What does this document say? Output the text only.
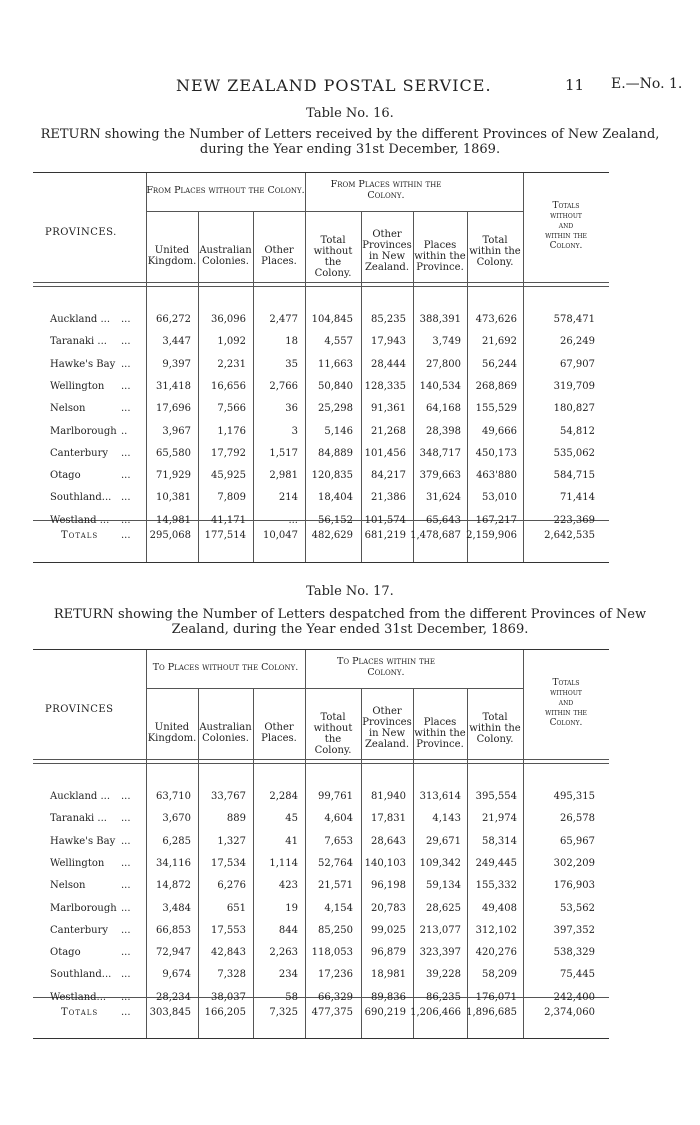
NEW ZEALAND POSTAL SERVICE.	11 E.—No. 1.
Table No. 16.
RETURN showing the Number of Letters received by the different Provinces of New Zealand,
during the Year ending 31st December, 1869.
PROVINCES.
From Places without the Colony.
From Places within the
Colony.
United
Kingdom.
Australian
Colonies.
Other
Places.
Total
without the
Colony.
Other
Provinces
in New
Zealand.
Places
within the
Province.
Total
within the
Colony.
Totals
without
and
within the
Colony.
Auckland ... ...	66,272 36,096 2,477 104,845 85,235 388,391 473,626	578,471
Taranaki ... ...	3,447	1,092	18	4,557 17,943	3,749 21,692	26,249
Hawke's Bay ...	9,397	2,231	35 11,663 28,444 27,800 56,244	67,907
Wellington ...	31,418 16,656 2,766 50,840 128,335 140,534 268,869	319,709
Nelson	...	17,696	7,566	36 25,298 91,361 64,168 155,529	180,827
Marlborough ..	3,967	1,176	3	5,146 21,268 28,398 49,666	54,812
Canterbury ...	65,580 17,792 1,517 84,889 101,456 348,717 450,173	535,062
Otago	...	71,929 45,925 2,981 120,835 84,217 379,663 463'880	584,715
Southland... ...	10,381	7,809	214 18,404 21,386 31,624 53,010	71,414
Westland ... ...	14,981 41,171	... 56,152 101,574 65,643 167,217	223,369
Totals ... 295,068 177,514 10,047 482,629 681,219 1,478,687 2,159,906	2,642,535
Table No. 17.
RETURN showing the Number of Letters despatched from the different Provinces of New
Zealand, during the Year ended 31st December, 1869.
PROVINCES
To Places without the Colony.
To Places within the
Colony.
United
Kingdom.
Australian
Colonies.
Other
Places.
Total
without the
Colony.
Other
Provinces
in New
Zealand.
Places
within the
Province.
Total
within the
Colony.
Totals
without
and
within the
Colony.
Auckland ... ...	63,710 33,767 2,284 99,761 81,940 313,614 395,554	495,315
Taranaki ... ...	3,670	889	45	4,604 17,831	4,143 21,974	26,578
Hawke's Bay ...	6,285	1,327	41	7,653 28,643 29,671 58,314	65,967
Wellington ...	34,116 17,534 1,114 52,764 140,103 109,342 249,445	302,209
Nelson	...	14,872	6,276	423 21,571 96,198 59,134 155,332	176,903
Marlborough ...	3,484	651	19	4,154 20,783 28,625 49,408	53,562
Canterbury ...	66,853 17,553	844 85,250 99,025 213,077 312,102	397,352
Otago	...	72,947 42,843 2,263 118,053 96,879 323,397 420,276	538,329
Southland... ...	9,674	7,328	234 17,236 18,981 39,228 58,209	75,445
Westland... ...	28,234 38,037	58 66,329 89,836 86,235 176,071	242,400
Totals ... 303,845 166,205 7,325 477,375 690,219 1,206,466 1,896,685	2,374,060
